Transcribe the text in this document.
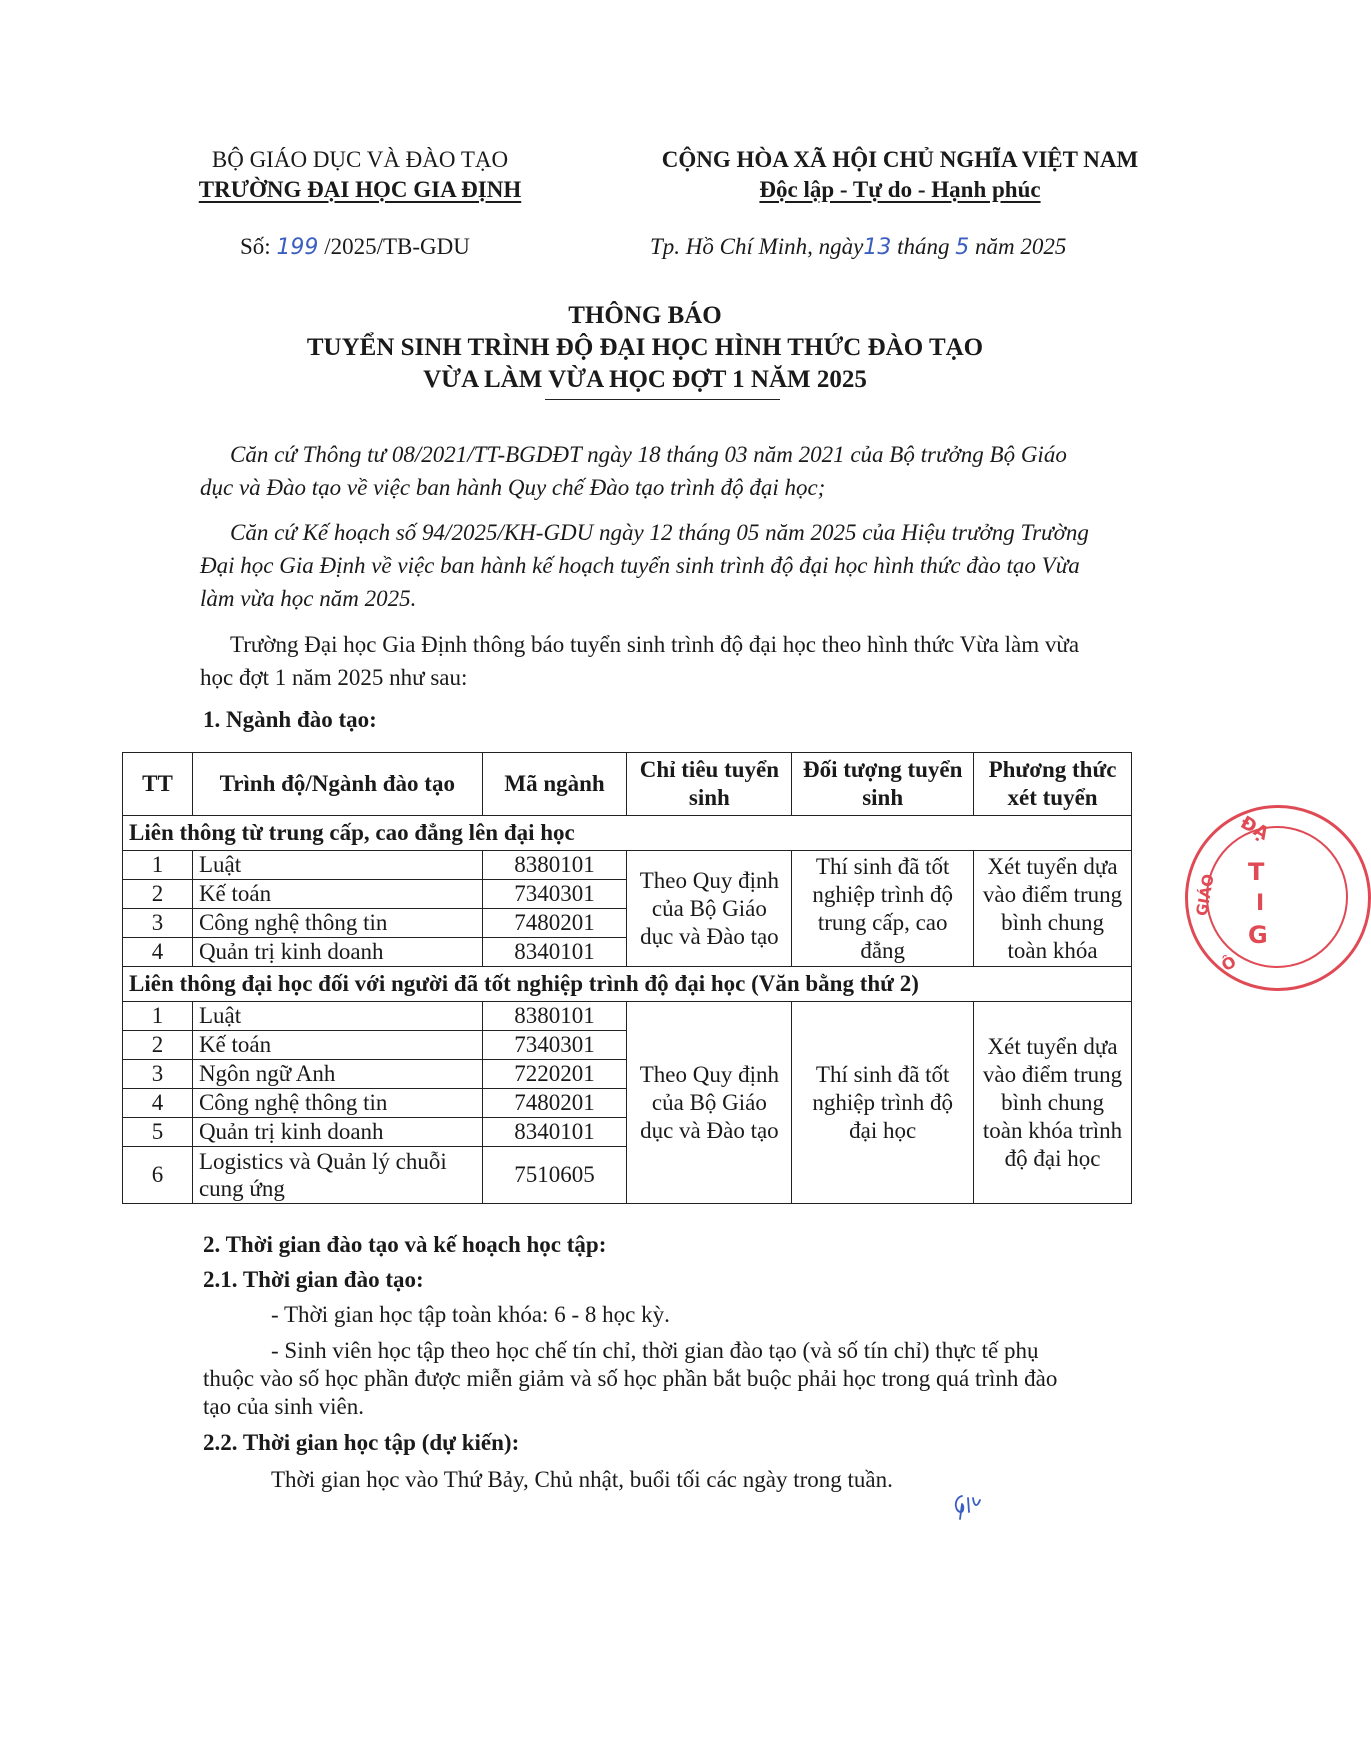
BỘ GIÁO DỤC VÀ ĐÀO TẠO
TRƯỜNG ĐẠI HỌC GIA ĐỊNH
CỘNG HÒA XÃ HỘI CHỦ NGHĨA VIỆT NAM
Độc lập - Tự do - Hạnh phúc
Số: 199 /2025/TB-GDU	Tp. Hồ Chí Minh, ngày13 tháng 5 năm 2025
THÔNG BÁO
TUYỂN SINH TRÌNH ĐỘ ĐẠI HỌC HÌNH THỨC ĐÀO TẠO
VỪA LÀM VỪA HỌC ĐỢT 1 NĂM 2025
Căn cứ Thông tư 08/2021/TT-BGDĐT ngày 18 tháng 03 năm 2021 của Bộ trưởng Bộ Giáo dục và Đào tạo về việc ban hành Quy chế Đào tạo trình độ đại học;
Căn cứ Kế hoạch số 94/2025/KH-GDU ngày 12 tháng 05 năm 2025 của Hiệu trưởng Trường Đại học Gia Định về việc ban hành kế hoạch tuyển sinh trình độ đại học hình thức đào tạo Vừa làm vừa học năm 2025.
Trường Đại học Gia Định thông báo tuyển sinh trình độ đại học theo hình thức Vừa làm vừa học đợt 1 năm 2025 như sau:
1. Ngành đào tạo:
TT	Trình độ/Ngành đào tạo	Mã ngành	Chỉ tiêu tuyển sinh	Đối tượng tuyển sinh	Phương thức xét tuyển
Liên thông từ trung cấp, cao đẳng lên đại học					
1	Luật	8380101	Theo Quy định của Bộ Giáo dục và Đào tạo	Thí sinh đã tốt nghiệp trình độ trung cấp, cao đẳng	Xét tuyển dựa vào điểm trung bình chung toàn khóa
2	Kế toán	7340301			
3	Công nghệ thông tin	7480201			
4	Quản trị kinh doanh	8340101			
Liên thông đại học đối với người đã tốt nghiệp trình độ đại học (Văn bằng thứ 2)					
1	Luật	8380101	Theo Quy định của Bộ Giáo dục và Đào tạo	Thí sinh đã tốt nghiệp trình độ đại học	Xét tuyển dựa vào điểm trung bình chung toàn khóa trình độ đại học
2	Kế toán	7340301			
3	Ngôn ngữ Anh	7220201			
4	Công nghệ thông tin	7480201			
5	Quản trị kinh doanh	8340101			
6	Logistics và Quản lý chuỗi cung ứng	7510605			
2. Thời gian đào tạo và kế hoạch học tập:
2.1. Thời gian đào tạo:
- Thời gian học tập toàn khóa: 6 - 8 học kỳ.
- Sinh viên học tập theo học chế tín chỉ, thời gian đào tạo (và số tín chỉ) thực tế phụ thuộc vào số học phần được miễn giảm và số học phần bắt buộc phải học trong quá trình đào tạo của sinh viên.
2.2. Thời gian học tập (dự kiến):
Thời gian học vào Thứ Bảy, Chủ nhật, buổi tối các ngày trong tuần.
ĐẠ
T
I
G
GIÁO
Ô
